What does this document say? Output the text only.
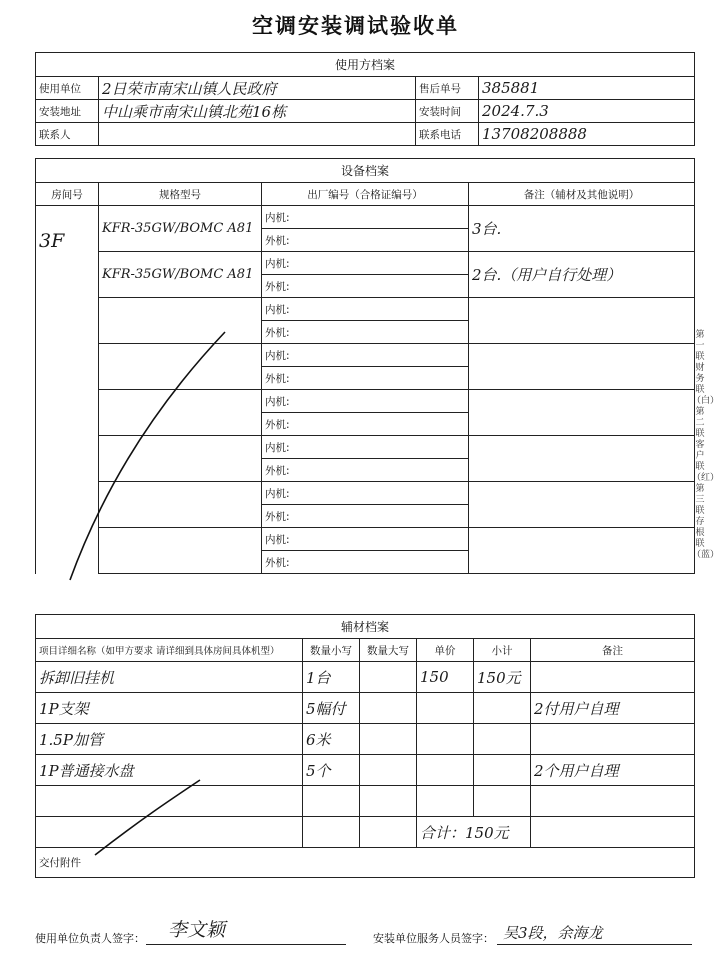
空调安装调试验收单
使用方档案			
使用单位	2日荣市南宋山镇人民政府	售后单号	385881
安装地址	中山乘市南宋山镇北苑16栋	安装时间	2024.7.3
联系人		联系电话	13708208888
设备档案			
房间号	规格型号	出厂编号（合格证编号）	备注（辅材及其他说明）

3F	KFR-35GW/BOMC A81	内机:	3台.
		外机:	
	KFR-35GW/BOMC A81	内机:	2台.（用户自行处理）
		外机:	
		内机:	
		外机:	
		内机:	
		外机:	
		内机:	
		外机:	
		内机:	
		外机:	
		内机:	
		外机:	
		内机:	
		外机:	
辅材档案					
项目详细名称（如甲方要求 请详细到具体房间具体机型）	数量小写	数量大写	单价	小计	备注
拆卸旧挂机	1台		150	150元	
1P支架	5幅付				2付用户自理
1.5P加管	6米				
1P普通接水盘	5个				2个用户自理

			合计：150元		
交付附件					
第一联 财务联（白） 第二联 客户联（红） 第三联 存根联（蓝）
使用单位负责人签字： 李文颖	安装单位服务人员签字： 吴3段，余海龙
